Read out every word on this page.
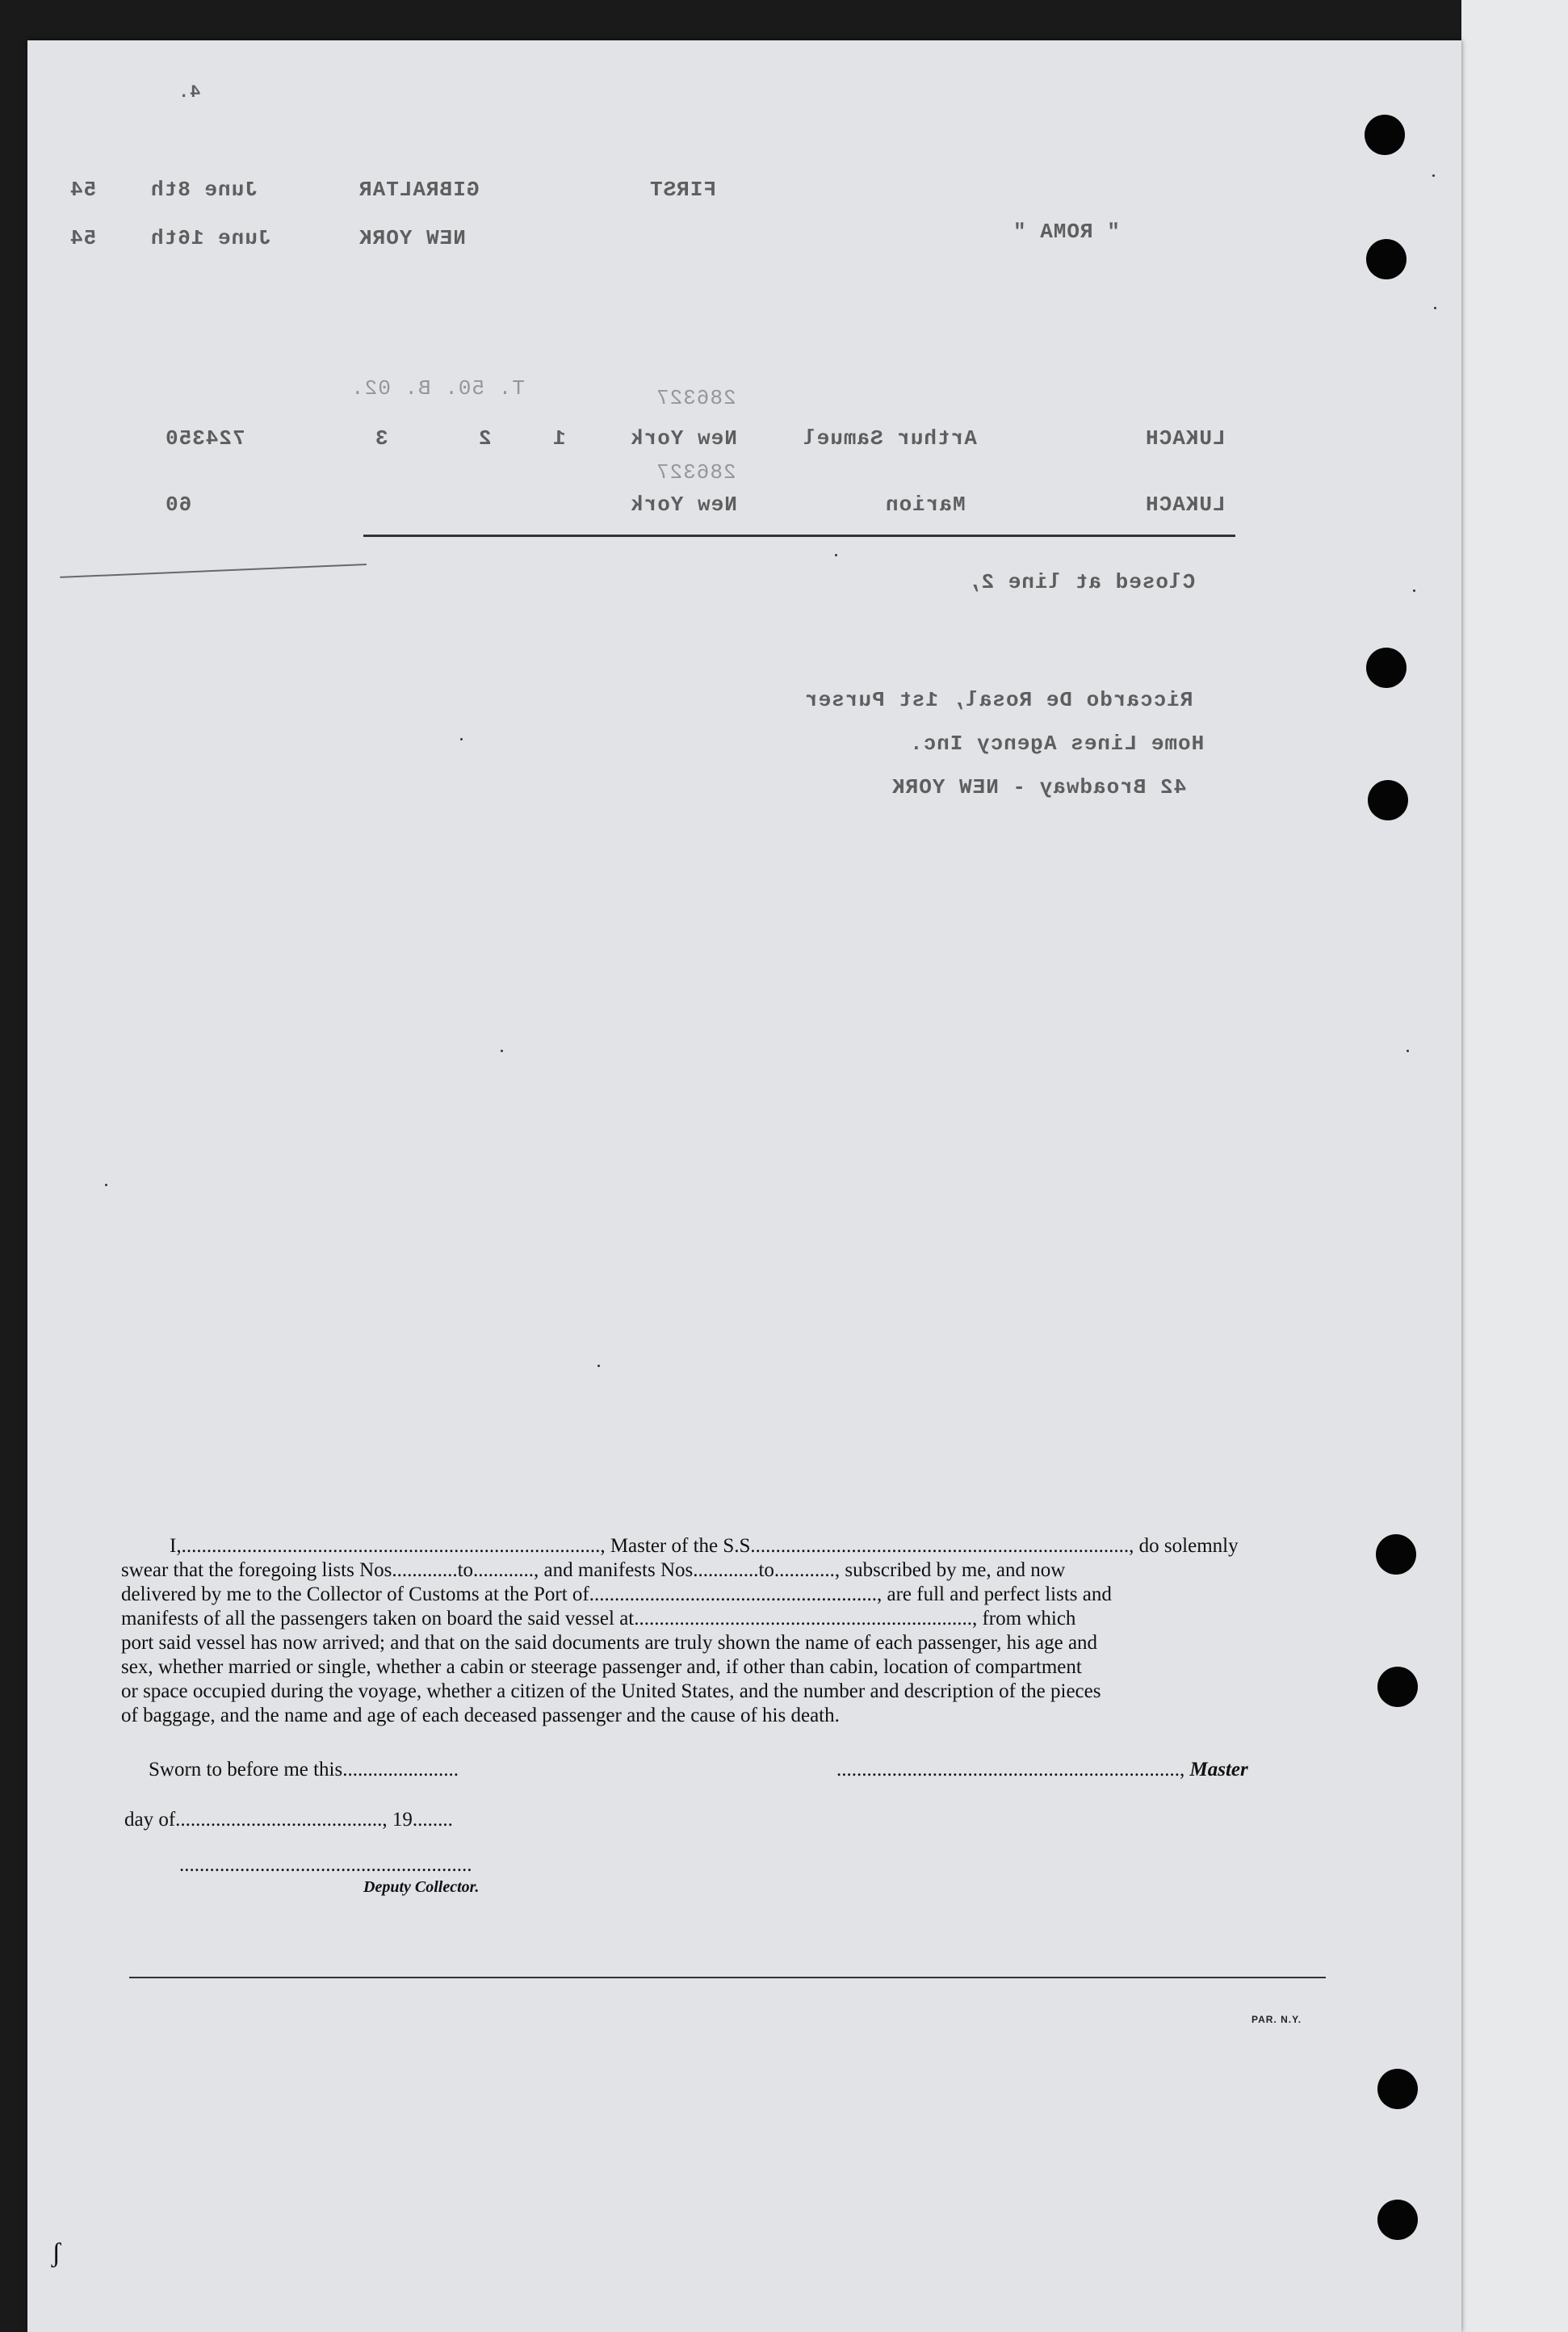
4.
54	June 8th	GIBRALTAR	FIRST
54	June 16th	NEW YORK	" ROMA "
T. 50. B. 02.	286327
724350	3	2	1	New York	Arthur Samuel	LUKACH
286327
60	New York	Marion	LUKACH
Closed at line 2,
Riccardo De Rosal, 1st Purser
Home Lines Agency Inc.
42 Broadway - NEW YORK

I,..................................................................................., Master of the S.S..........................................................................., do solemnly

swear that the foregoing lists Nos.............to............, and manifests Nos.............to............, subscribed by me, and now

delivered by me to the Collector of Customs at the Port of........................................................., are full and perfect lists and

manifests of all the passengers taken on board the said vessel at..................................................................., from which

port said vessel has now arrived; and that on the said documents are truly shown the name of each passenger, his age and

sex, whether married or single, whether a cabin or steerage passenger and, if other than cabin, location of compartment

or space occupied during the voyage, whether a citizen of the United States, and the number and description of the pieces

of baggage, and the name and age of each deceased passenger and the cause of his death.

Sworn to before me this.......................	...................................................................., Master
day of........................................., 19........
..........................................................
Deputy Collector.
PAR. N.Y.
ʃ
